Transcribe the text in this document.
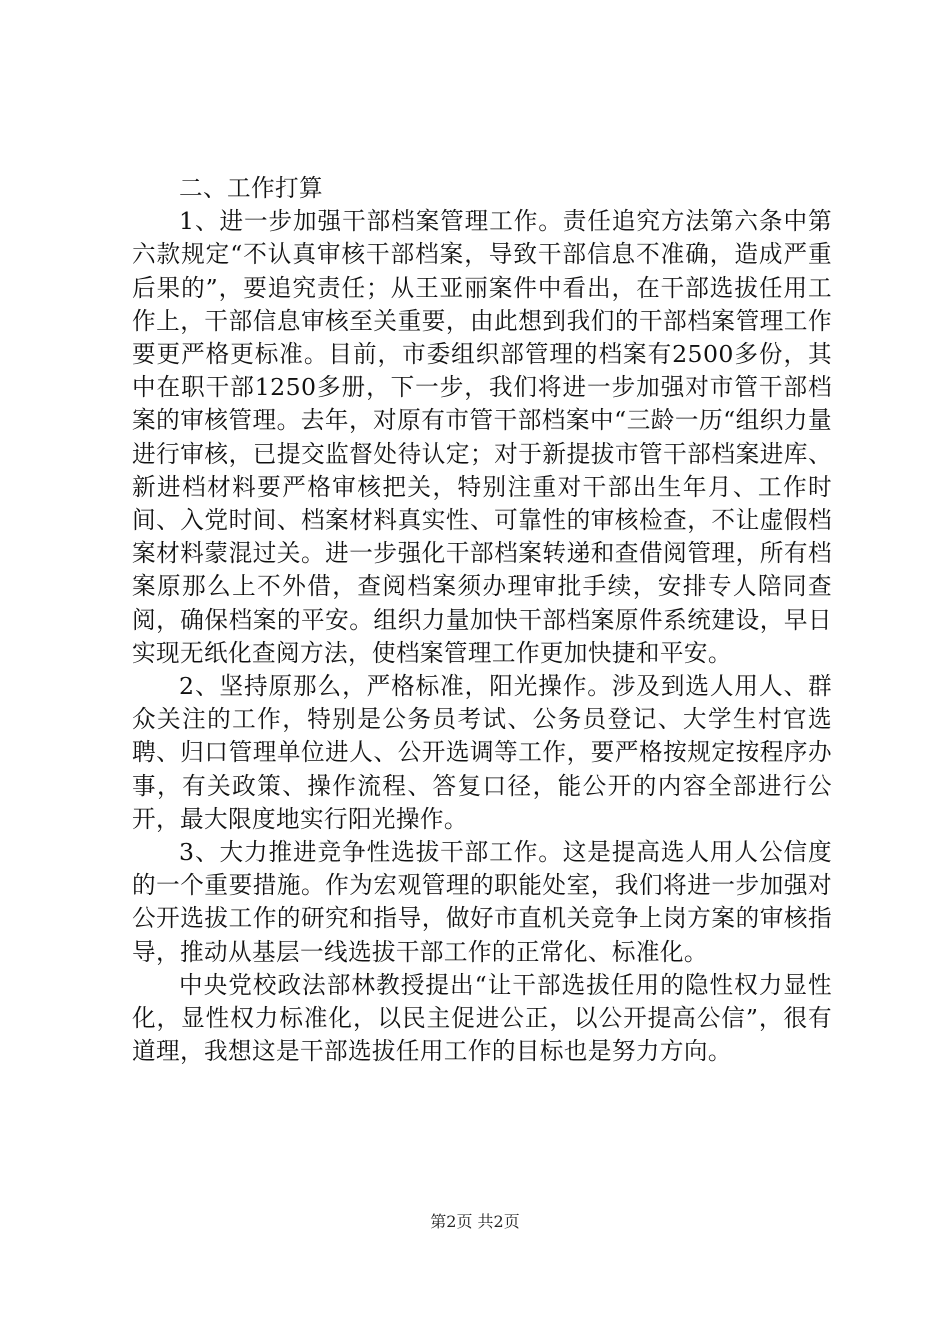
二、工作打算

1、进一步加强干部档案管理工作。责任追究方法第六条中第六款规定“不认真审核干部档案，导致干部信息不准确，造成严重后果的”，要追究责任；从王亚丽案件中看出，在干部选拔任用工作上，干部信息审核至关重要，由此想到我们的干部档案管理工作要更严格更标准。目前，市委组织部管理的档案有2500多份，其中在职干部1250多册，下一步，我们将进一步加强对市管干部档案的审核管理。去年，对原有市管干部档案中“三龄一历“组织力量进行审核，已提交监督处待认定；对于新提拔市管干部档案进库、新进档材料要严格审核把关，特别注重对干部出生年月、工作时间、入党时间、档案材料真实性、可靠性的审核检查，不让虚假档案材料蒙混过关。进一步强化干部档案转递和查借阅管理，所有档案原那么上不外借，查阅档案须办理审批手续，安排专人陪同查阅，确保档案的平安。组织力量加快干部档案原件系统建设，早日实现无纸化查阅方法，使档案管理工作更加快捷和平安。

2、坚持原那么，严格标准，阳光操作。涉及到选人用人、群众关注的工作，特别是公务员考试、公务员登记、大学生村官选聘、归口管理单位进人、公开选调等工作，要严格按规定按程序办事，有关政策、操作流程、答复口径，能公开的内容全部进行公开，最大限度地实行阳光操作。

3、大力推进竞争性选拔干部工作。这是提高选人用人公信度的一个重要措施。作为宏观管理的职能处室，我们将进一步加强对公开选拔工作的研究和指导，做好市直机关竞争上岗方案的审核指导，推动从基层一线选拔干部工作的正常化、标准化。

中央党校政法部林教授提出“让干部选拔任用的隐性权力显性化，显性权力标准化，以民主促进公正，以公开提高公信”，很有道理，我想这是干部选拔任用工作的目标也是努力方向。

第2页 共2页
